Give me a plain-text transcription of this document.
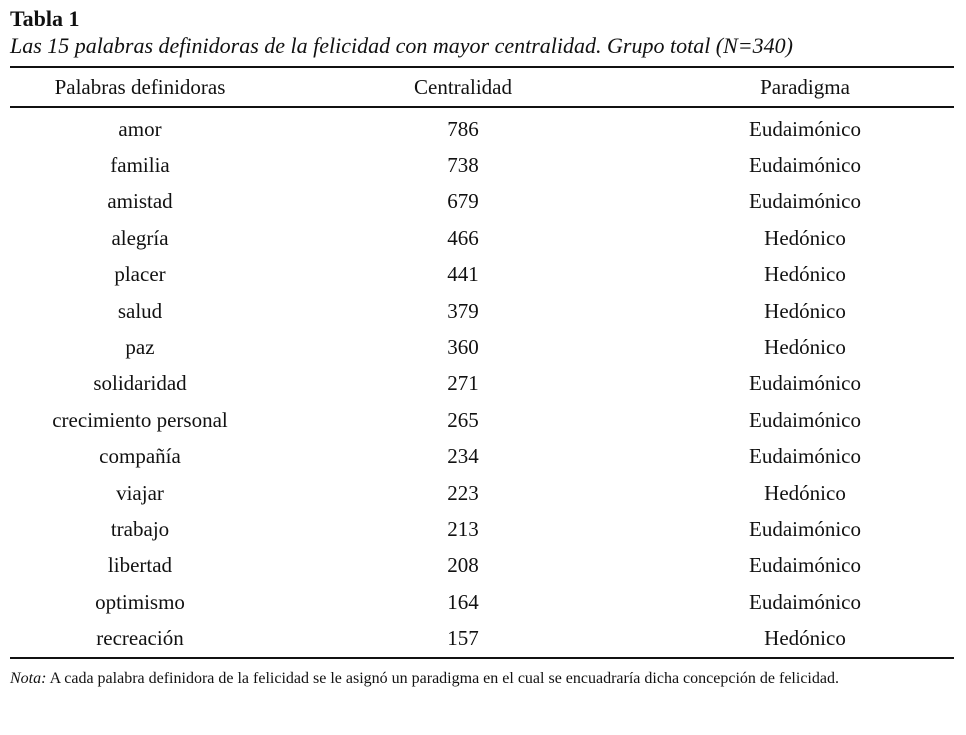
Tabla 1

Las 15 palabras definidoras de la felicidad con mayor centralidad. Grupo total (N=340)

Palabras definidoras	Centralidad	Paradigma
amor	786	Eudaimónico
familia	738	Eudaimónico
amistad	679	Eudaimónico
alegría	466	Hedónico
placer	441	Hedónico
salud	379	Hedónico
paz	360	Hedónico
solidaridad	271	Eudaimónico
crecimiento personal	265	Eudaimónico
compañía	234	Eudaimónico
viajar	223	Hedónico
trabajo	213	Eudaimónico
libertad	208	Eudaimónico
optimismo	164	Eudaimónico
recreación	157	Hedónico

Nota: A cada palabra definidora de la felicidad se le asignó un paradigma en el cual se encuadraría dicha concepción de felicidad.
